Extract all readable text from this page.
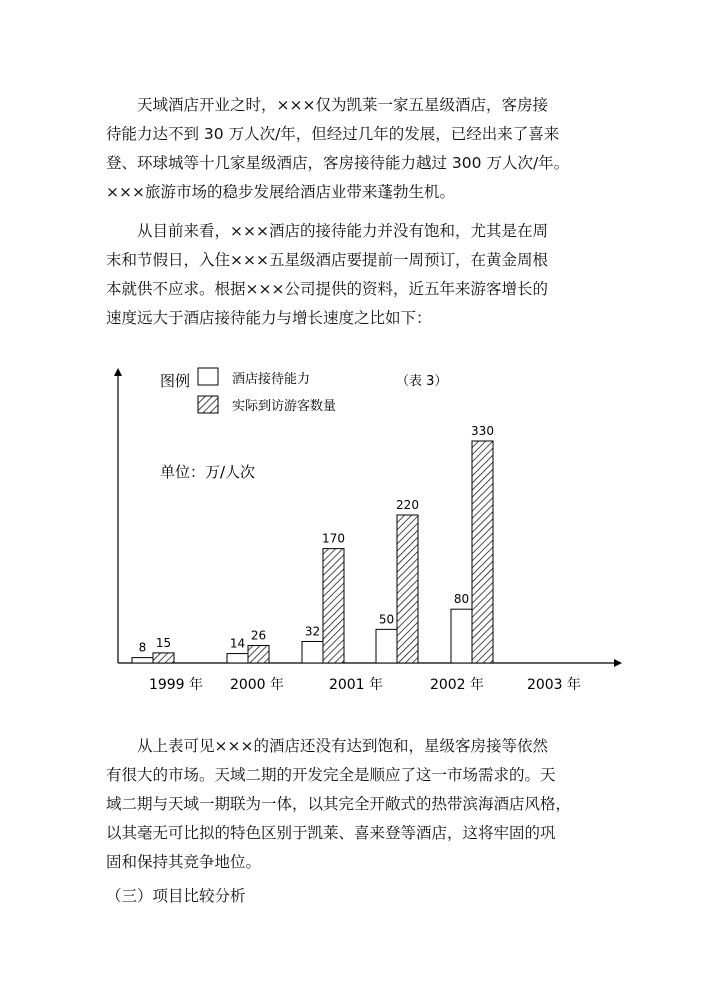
　　天域酒店开业之时，×××仅为凯莱一家五星级酒店，客房接
待能力达不到 30 万人次/年，但经过几年的发展，已经出来了喜来
登、环球城等十几家星级酒店，客房接待能力越过 300 万人次/年。
×××旅游市场的稳步发展给酒店业带来蓬勃生机。
　　从目前来看，×××酒店的接待能力并没有饱和，尤其是在周
末和节假日，入住×××五星级酒店要提前一周预订，在黄金周根
本就供不应求。根据×××公司提供的资料，近五年来游客增长的
速度远大于酒店接待能力与增长速度之比如下：
图例	酒店接待能力
实际到访游客数量
（表 3）
单位：万/人次
8	14
32
50
80
15
26
170
220
330
1999 年 2000 年	2001 年	2002 年	2003 年
　　从上表可见×××的酒店还没有达到饱和，星级客房接等依然
有很大的市场。天域二期的开发完全是顺应了这一市场需求的。天
域二期与天域一期联为一体，以其完全开敞式的热带滨海酒店风格，
以其毫无可比拟的特色区别于凯莱、喜来登等酒店，这将牢固的巩
固和保持其竞争地位。
（三）项目比较分析
